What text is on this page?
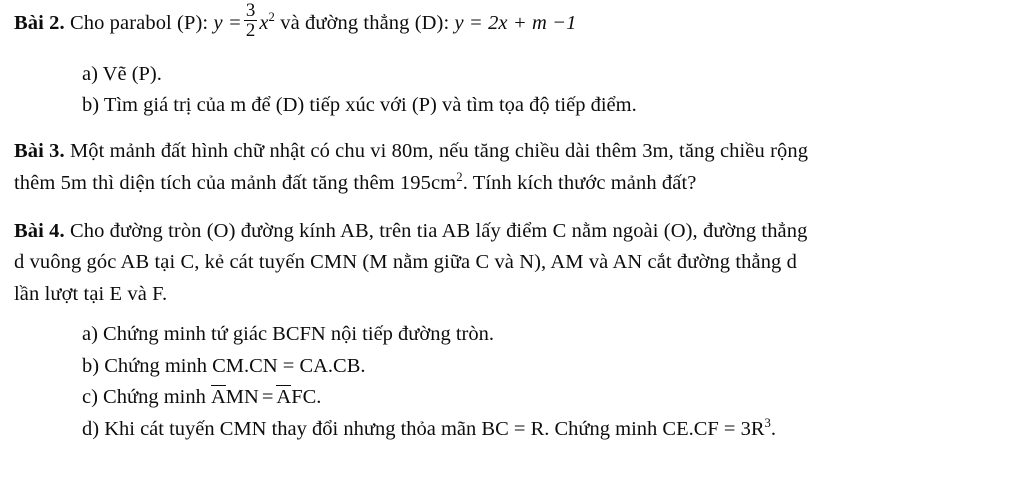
Bài 2. Cho parabol (P): $y = \frac{3}{2} x^2$ và đường thẳng (D): y = 2x + m −1

a) Vẽ (P).

b) Tìm giá trị của m để (D) tiếp xúc với (P) và tìm tọa độ tiếp điểm.

Bài 3. Một mảnh đất hình chữ nhật có chu vi 80m, nếu tăng chiều dài thêm 3m, tăng chiều rộng

thêm 5m thì diện tích của mảnh đất tăng thêm $195cm^2$. Tính kích thước mảnh đất?

Bài 4. Cho đường tròn (O) đường kính AB, trên tia AB lấy điểm C nằm ngoài (O), đường thẳng

d vuông góc AB tại C, kẻ cát tuyến CMN (M nằm giữa C và N), AM và AN cắt đường thẳng d

lần lượt tại E và F.

a) Chứng minh tứ giác BCFN nội tiếp đường tròn.

b) Chứng minh CM.CN = CA.CB.

c) Chứng minh AMN = AFC.

d) Khi cát tuyến CMN thay đổi nhưng thỏa mãn BC = R. Chứng minh $CE.CF = 3R^3$.
